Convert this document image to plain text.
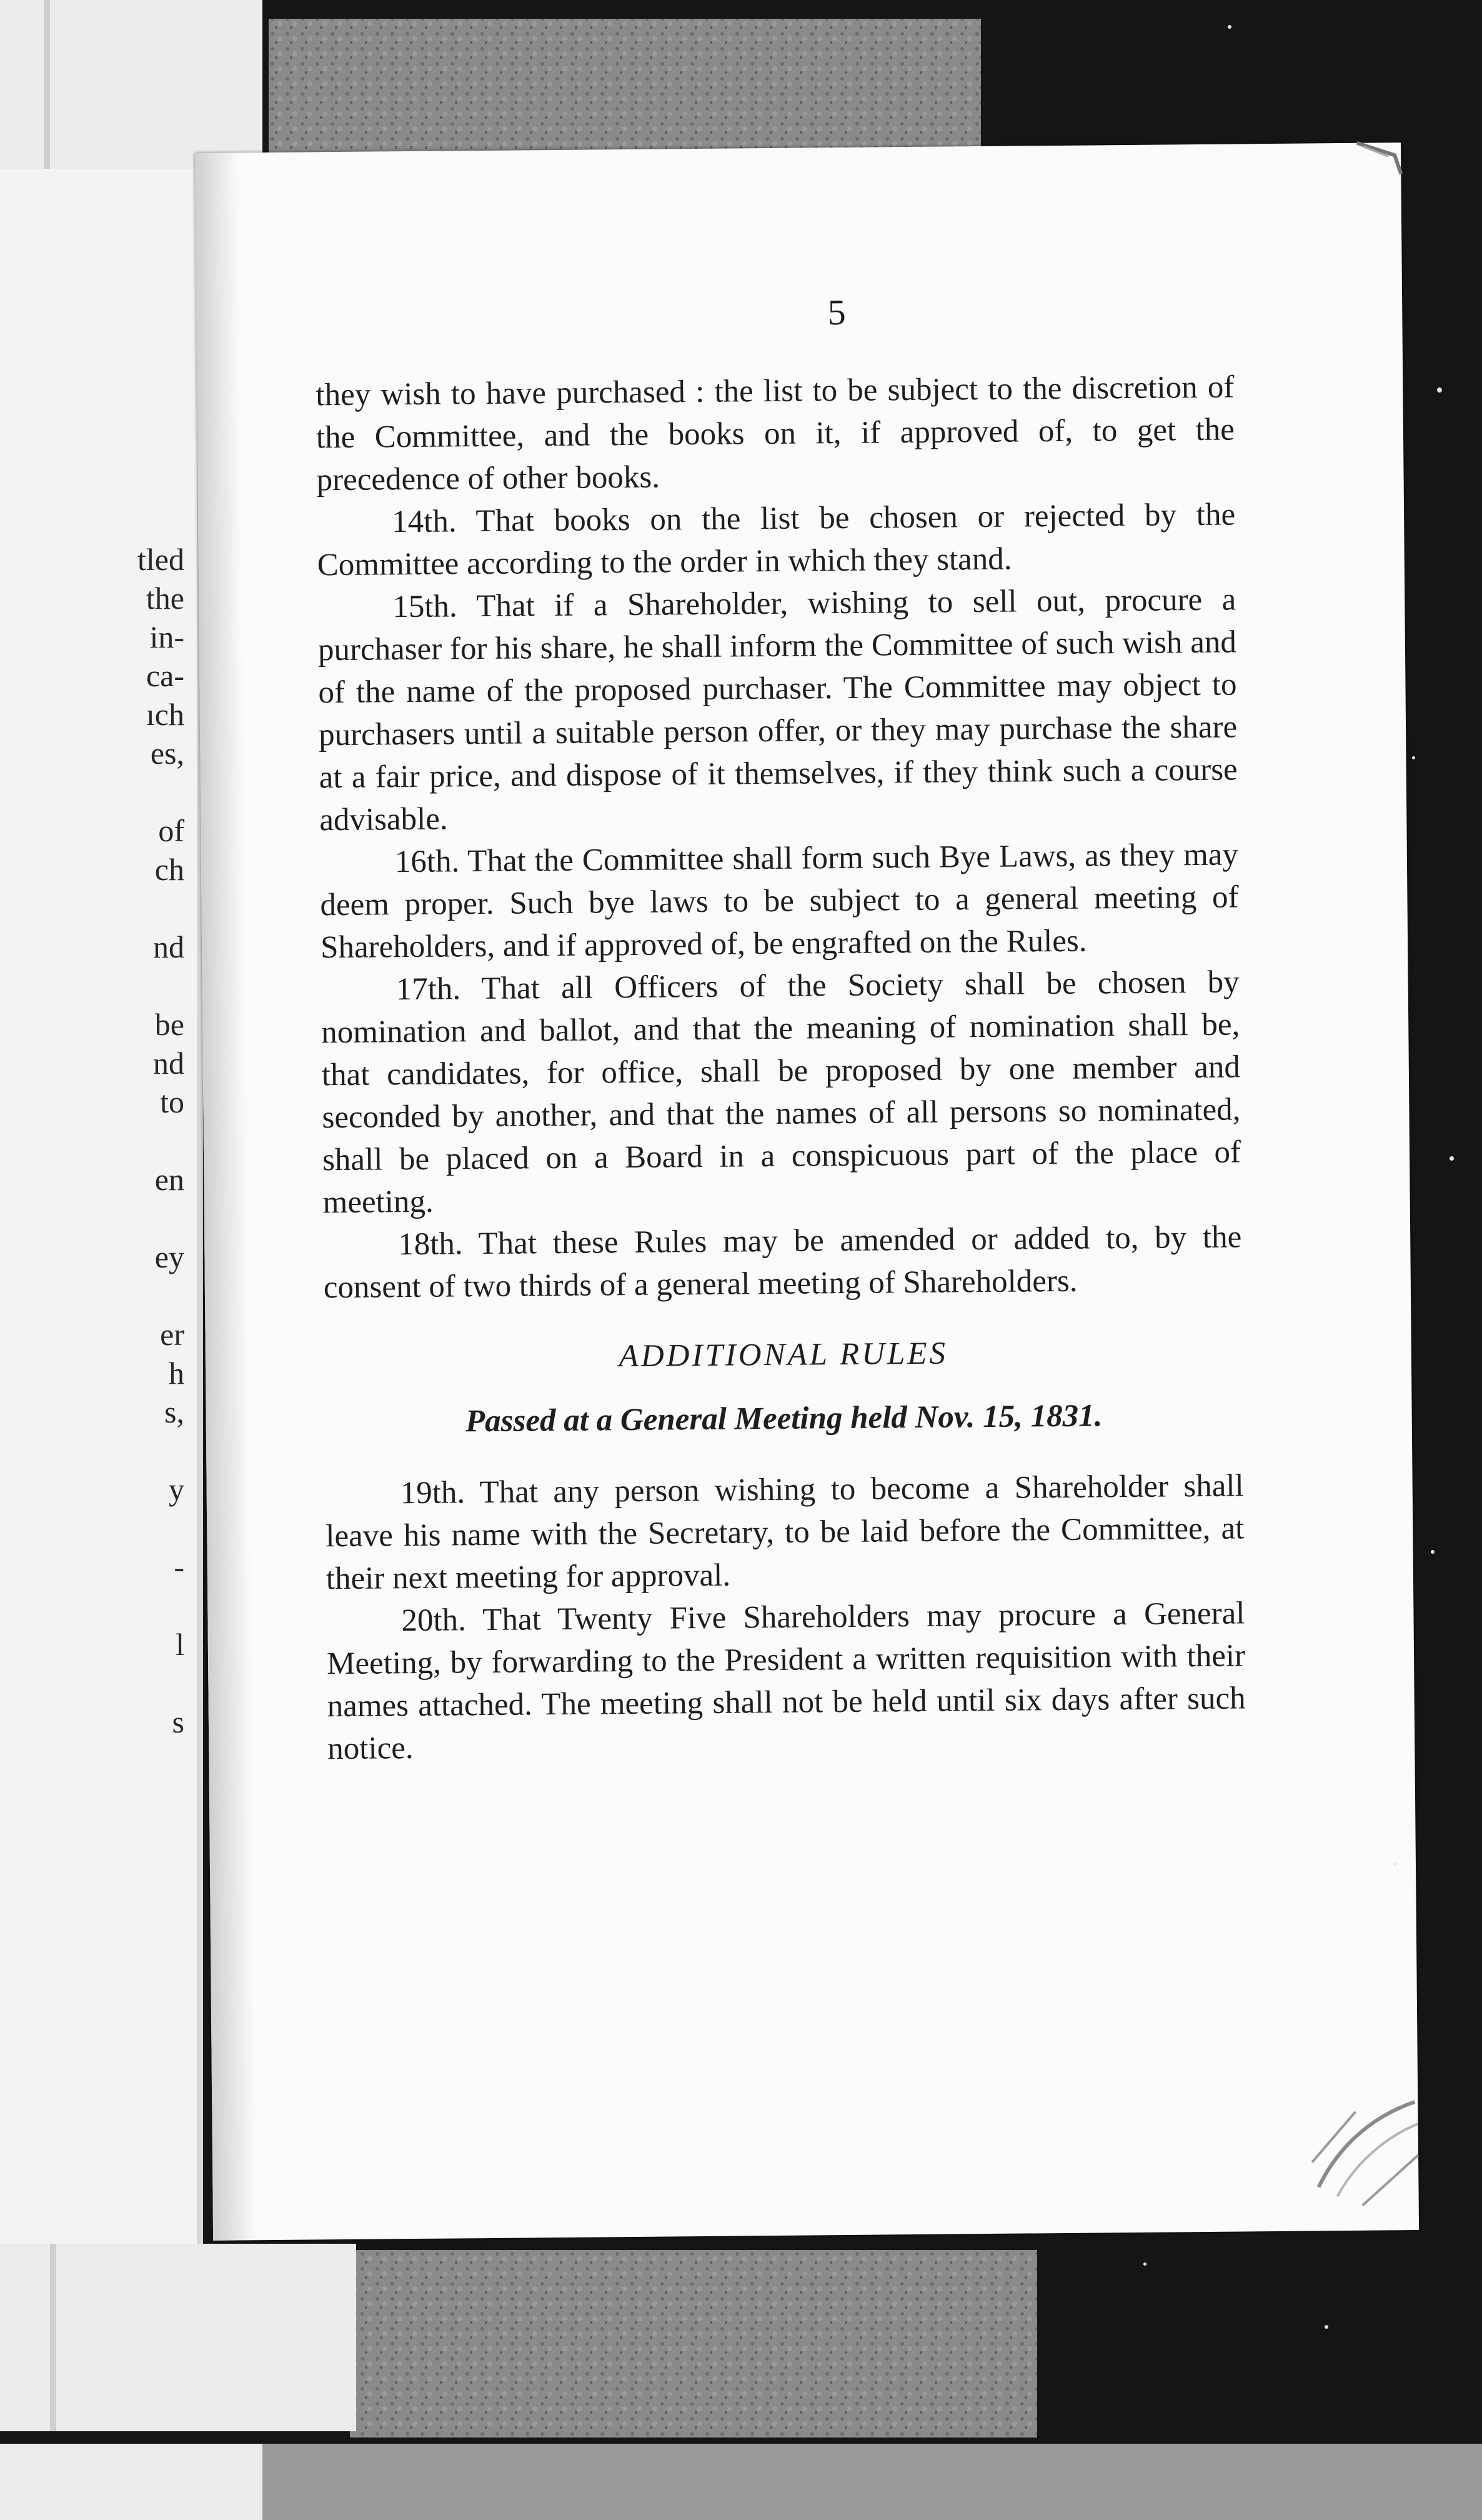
tled
the
in-
ca-
ıch
es,
of
ch
nd
be
nd
to
en
ey
er
h
s,
y
-
l
s
5

they wish to have purchased : the list to be subject to the discretion of the Committee, and the books on it, if approved of, to get the precedence of other books.

14th. That books on the list be chosen or rejected by the Committee according to the order in which they stand.

15th. That if a Shareholder, wishing to sell out, procure a purchaser for his share, he shall inform the Committee of such wish and of the name of the proposed purchaser. The Committee may object to purchasers until a suitable person offer, or they may purchase the share at a fair price, and dispose of it themselves, if they think such a course advisable.

16th. That the Committee shall form such Bye Laws, as they may deem proper. Such bye laws to be subject to a general meeting of Shareholders, and if approved of, be engrafted on the Rules.

17th. That all Officers of the Society shall be chosen by nomination and ballot, and that the meaning of nomination shall be, that candidates, for office, shall be proposed by one member and seconded by another, and that the names of all persons so nominated, shall be placed on a Board in a conspicuous part of the place of meeting.

18th. That these Rules may be amended or added to, by the consent of two thirds of a general meeting of Shareholders.

ADDITIONAL RULES

Passed at a General Meeting held Nov. 15, 1831.

19th. That any person wishing to become a Shareholder shall leave his name with the Secretary, to be laid before the Committee, at their next meeting for approval.

20th. That Twenty Five Shareholders may procure a General Meeting, by forwarding to the President a written requisition with their names attached. The meeting shall not be held until six days after such notice.
